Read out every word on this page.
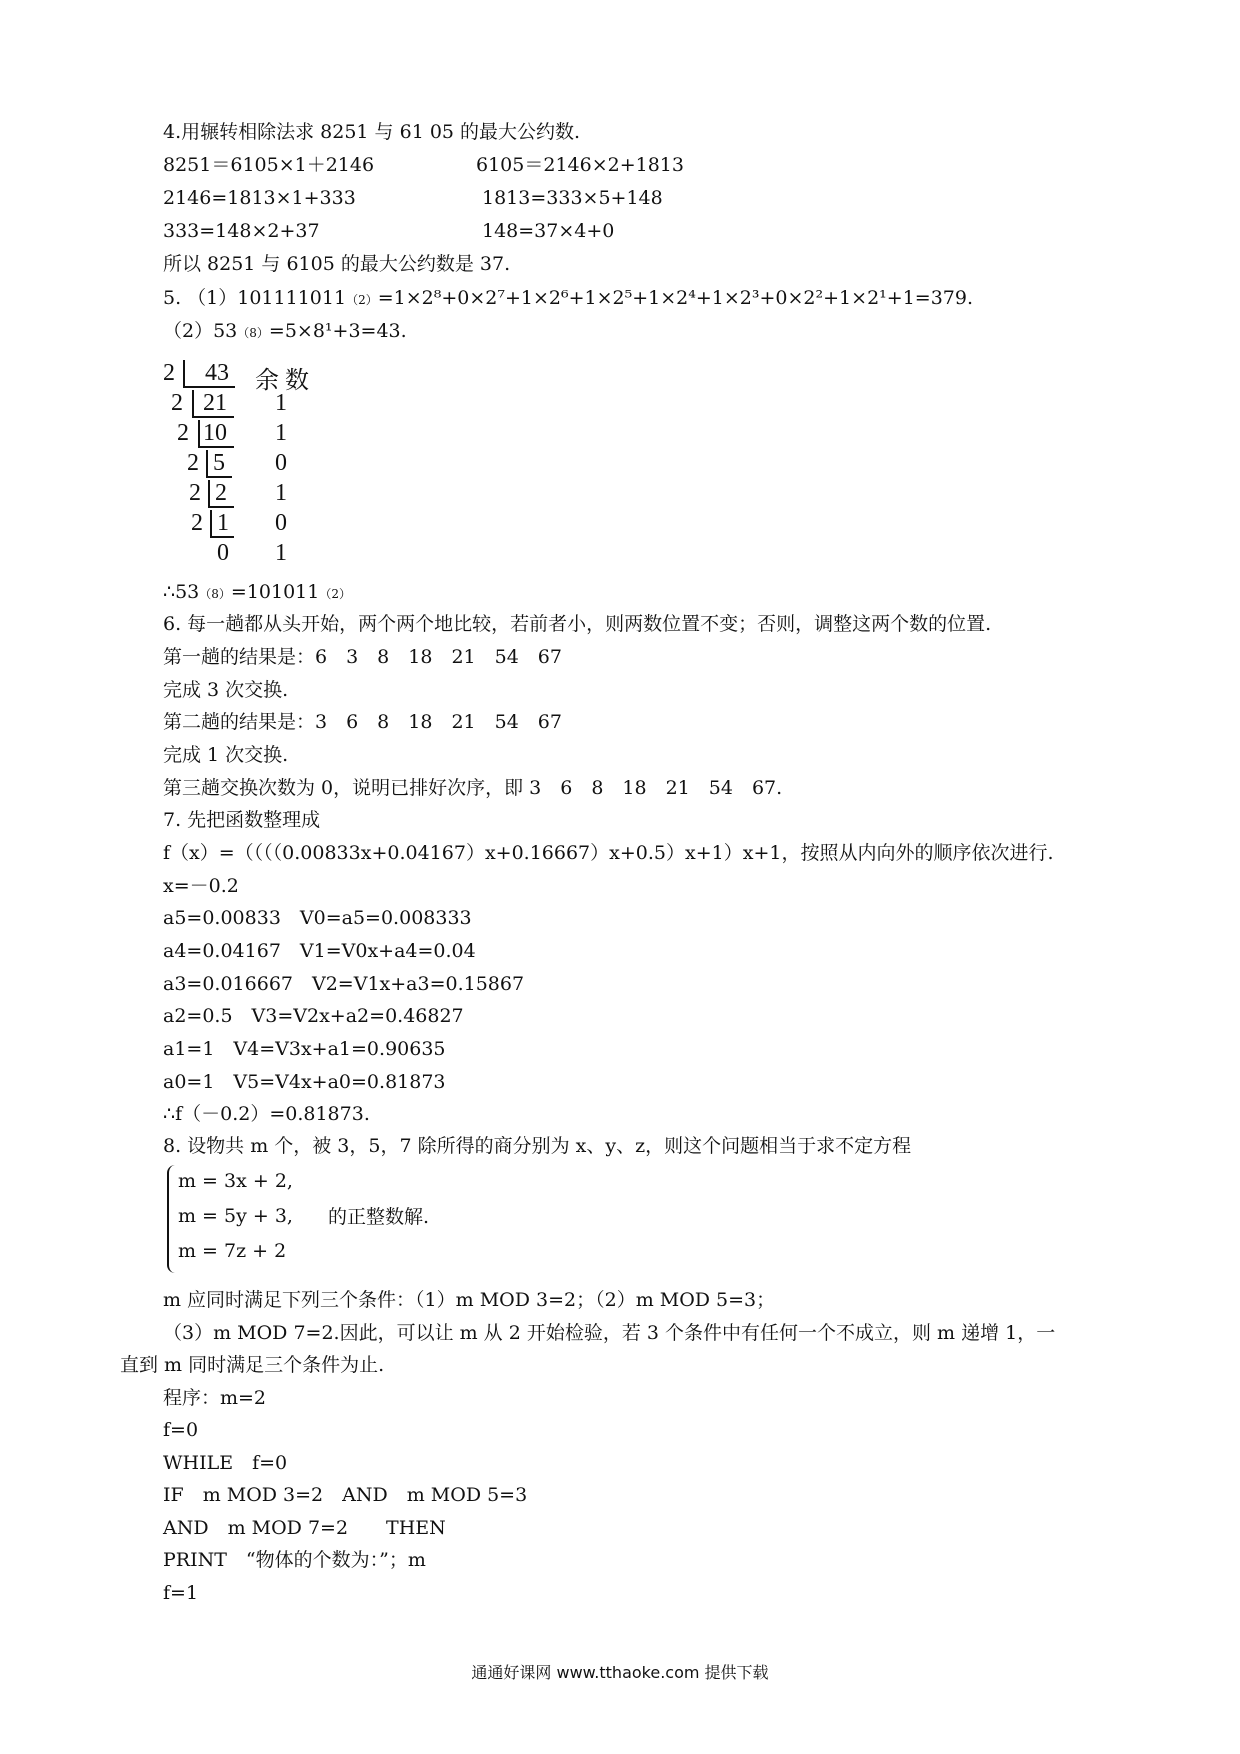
4.用辗转相除法求 8251 与 61 05 的最大公约数.
8251＝6105×1＋2146	6105＝2146×2+1813
2146=1813×1+333	1813=333×5+148
333=148×2+37	148=37×4+0
所以 8251 与 6105 的最大公约数是 37.
5. （1）101111011（2）=1×2⁸+0×2⁷+1×2⁶+1×2⁵+1×2⁴+1×2³+0×2²+1×2¹+1=379.
（2）53（8）=5×8¹+3=43.
2 43 余 数
2 21 1
2 10 1
2 5 0
2 2 1
2 1 0
0 1
∴53（8）=101011（2）
6. 每一趟都从头开始，两个两个地比较，若前者小，则两数位置不变；否则，调整这两个数的位置.
第一趟的结果是：6　3　8　18　21　54　67
完成 3 次交换.
第二趟的结果是：3　6　8　18　21　54　67
完成 1 次交换.
第三趟交换次数为 0，说明已排好次序，即 3　6　8　18　21　54　67.
7. 先把函数整理成
f（x）=（（（（0.00833x+0.04167）x+0.16667）x+0.5）x+1）x+1，按照从内向外的顺序依次进行.
x=－0.2
a5=0.00833　V0=a5=0.008333
a4=0.04167　V1=V0x+a4=0.04
a3=0.016667　V2=V1x+a3=0.15867
a2=0.5　V3=V2x+a2=0.46827
a1=1　V4=V3x+a1=0.90635
a0=1　V5=V4x+a0=0.81873
∴f（－0.2）=0.81873.
8. 设物共 m 个，被 3，5，7 除所得的商分别为 x、y、z，则这个问题相当于求不定方程
m = 3x + 2,
m = 5y + 3,
m = 7z + 2
的正整数解.
m 应同时满足下列三个条件：（1）m MOD 3=2；（2）m MOD 5=3；
（3）m MOD 7=2.因此，可以让 m 从 2 开始检验，若 3 个条件中有任何一个不成立，则 m 递增 1，一
直到 m 同时满足三个条件为止.
程序：m=2
f=0
WHILE　f=0
IF　m MOD 3=2　AND　m MOD 5=3
AND　m MOD 7=2　　THEN
PRINT　“物体的个数为：”；m
f=1
通通好课网 www.tthaoke.com 提供下载
